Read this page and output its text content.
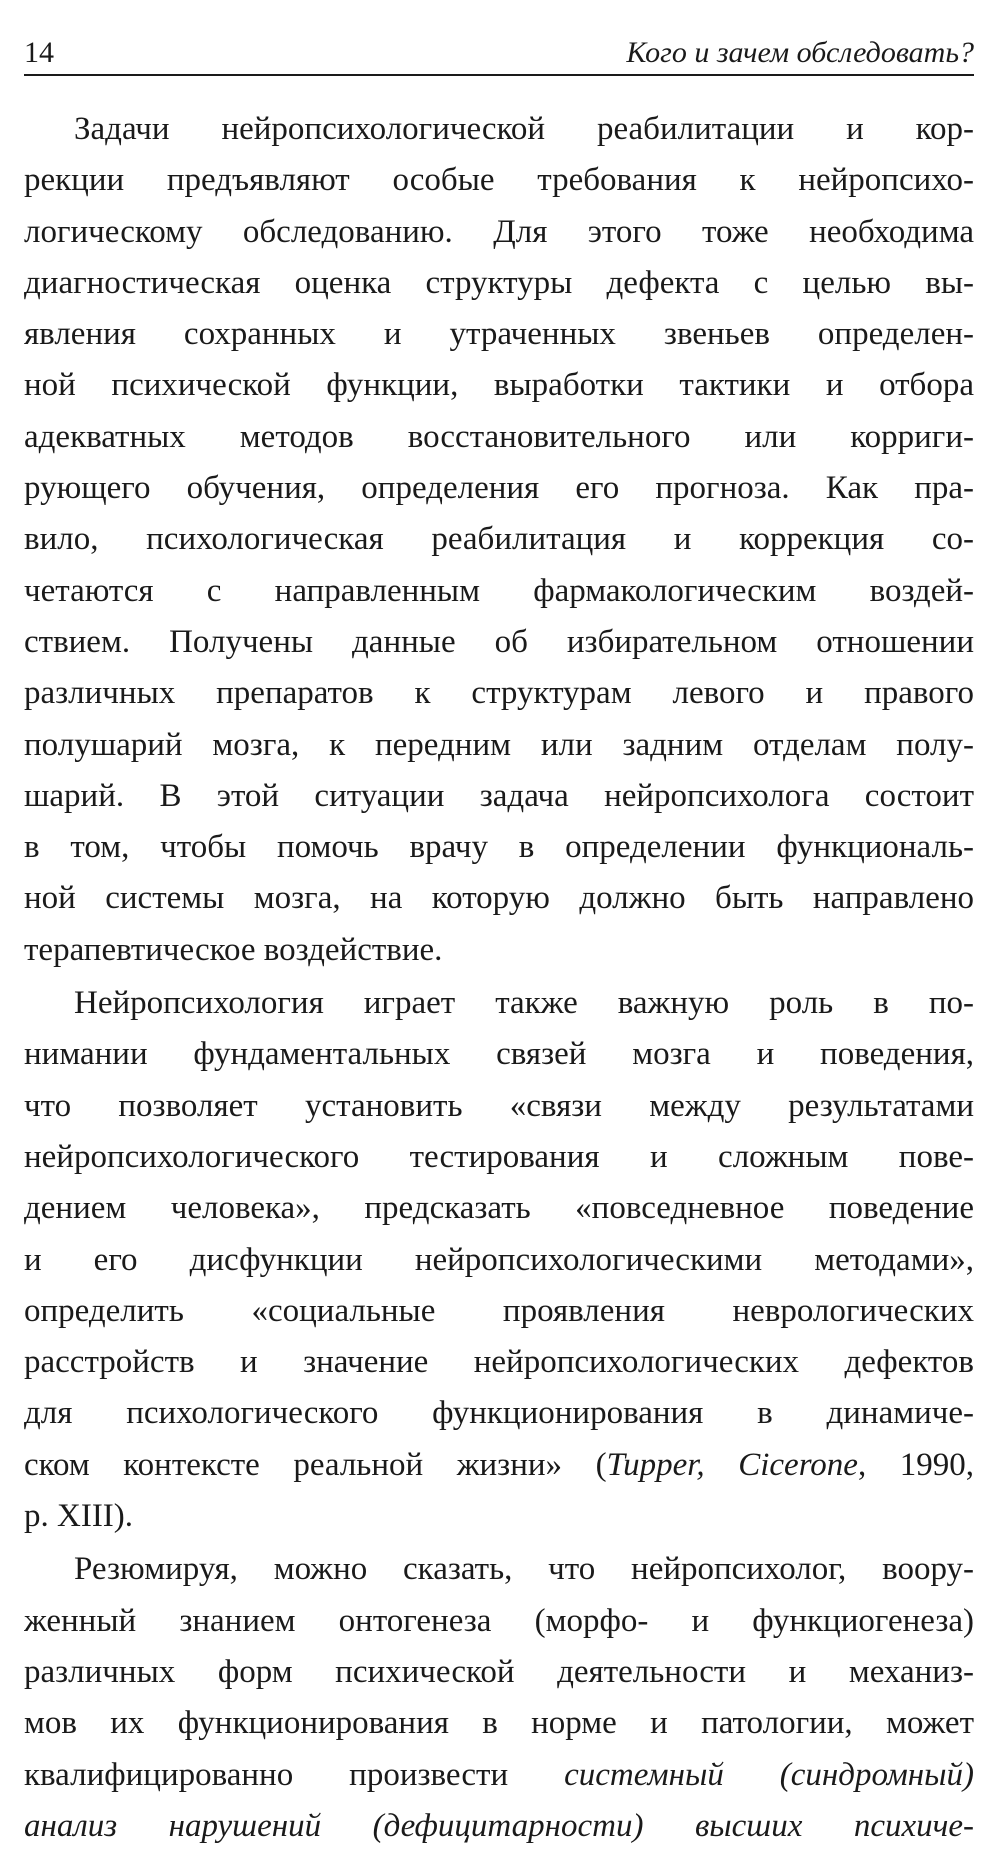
14	Кого и зачем обследовать?
Задачи нейропсихологической реабилитации и кор-
рекции предъявляют особые требования к нейропсихо-
логическому обследованию. Для этого тоже необходима
диагностическая оценка структуры дефекта с целью вы-
явления сохранных и утраченных звеньев определен-
ной психической функции, выработки тактики и отбора
адекватных методов восстановительного или корриги-
рующего обучения, определения его прогноза. Как пра-
вило, психологическая реабилитация и коррекция со-
четаются с направленным фармакологическим воздей-
ствием. Получены данные об избирательном отношении
различных препаратов к структурам левого и правого
полушарий мозга, к передним или задним отделам полу-
шарий. В этой ситуации задача нейропсихолога состоит
в том, чтобы помочь врачу в определении функциональ-
ной системы мозга, на которую должно быть направлено
терапевтическое воздействие.
Нейропсихология играет также важную роль в по-
нимании фундаментальных связей мозга и поведения,
что позволяет установить «связи между результатами
нейропсихологического тестирования и сложным пове-
дением человека», предсказать «повседневное поведение
и его дисфункции нейропсихологическими методами»,
определить «социальные проявления неврологических
расстройств и значение нейропсихологических дефектов
для психологического функционирования в динамиче-
ском контексте реальной жизни» (Tupper, Cicerone, 1990,
p. XIII).
Резюмируя, можно сказать, что нейропсихолог, воору-
женный знанием онтогенеза (морфо- и функциогенеза)
различных форм психической деятельности и механиз-
мов их функционирования в норме и патологии, может
квалифицированно произвести системный (синдромный)
анализ нарушений (дефицитарности) высших психиче-
